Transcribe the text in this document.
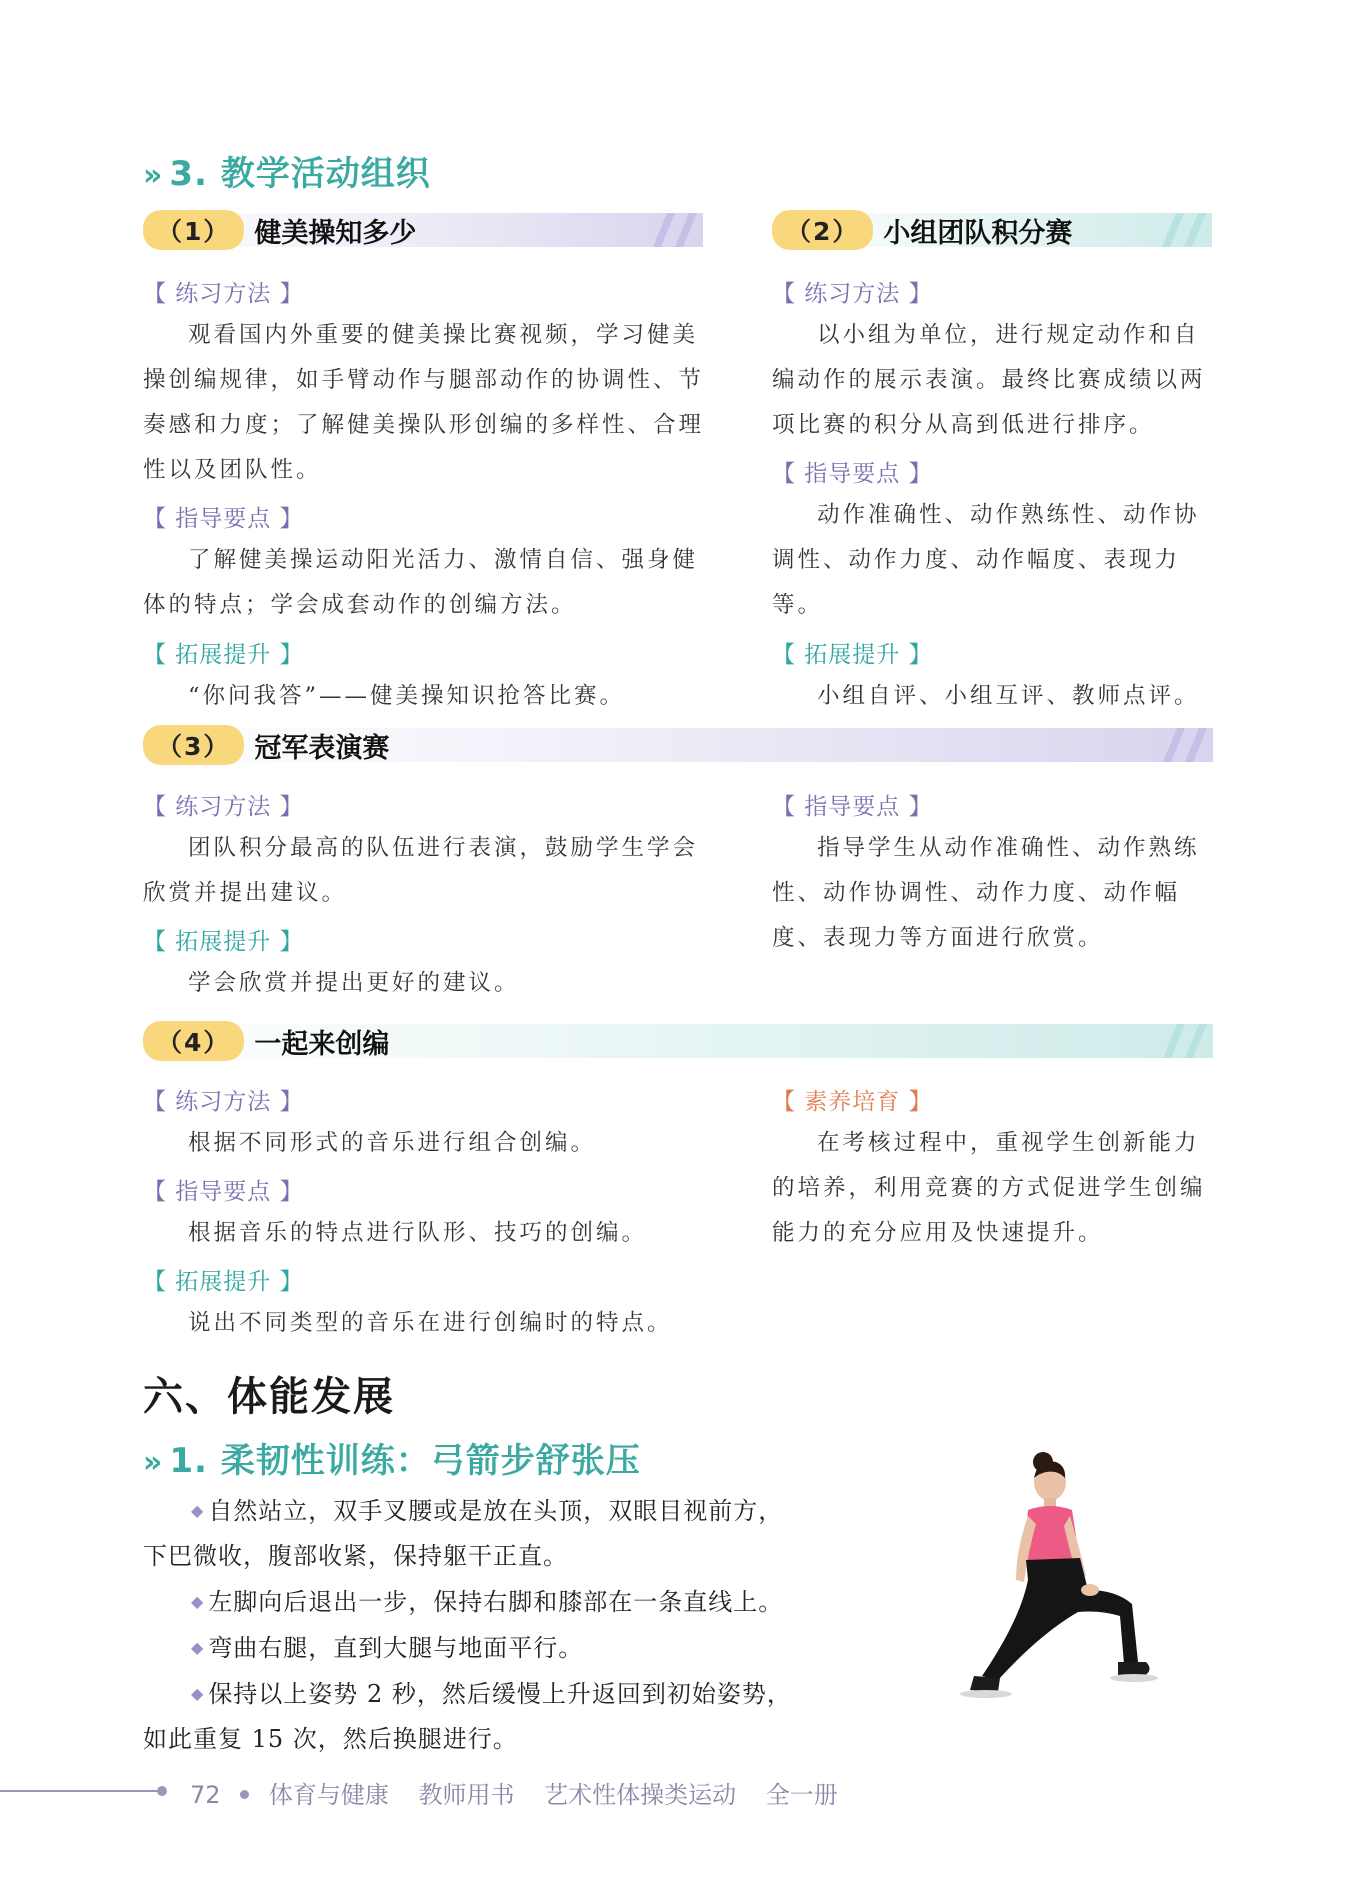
» 3. 教学活动组织
（1） 健美操知多少
【 练习方法 】

观看国内外重要的健美操比赛视频，学习健美操创编规律，如手臂动作与腿部动作的协调性、节奏感和力度；了解健美操队形创编的多样性、合理性以及团队性。

【 指导要点 】

了解健美操运动阳光活力、激情自信、强身健体的特点；学会成套动作的创编方法。

【 拓展提升 】

“你问我答”——健美操知识抢答比赛。

（2） 小组团队积分赛
【 练习方法 】

以小组为单位，进行规定动作和自编动作的展示表演。最终比赛成绩以两项比赛的积分从高到低进行排序。

【 指导要点 】

动作准确性、动作熟练性、动作协调性、动作力度、动作幅度、表现力等。

【 拓展提升 】

小组自评、小组互评、教师点评。

（3） 冠军表演赛
【 练习方法 】

团队积分最高的队伍进行表演，鼓励学生学会欣赏并提出建议。

【 拓展提升 】

学会欣赏并提出更好的建议。

【 指导要点 】

指导学生从动作准确性、动作熟练性、动作协调性、动作力度、动作幅度、表现力等方面进行欣赏。

（4） 一起来创编
【 练习方法 】

根据不同形式的音乐进行组合创编。

【 指导要点 】

根据音乐的特点进行队形、技巧的创编。

【 拓展提升 】

说出不同类型的音乐在进行创编时的特点。

【 素养培育 】

在考核过程中，重视学生创新能力的培养，利用竞赛的方式促进学生创编能力的充分应用及快速提升。

六、体能发展
» 1. 柔韧性训练：弓箭步舒张压
◆ 自然站立，双手叉腰或是放在头顶，双眼目视前方，
下巴微收，腹部收紧，保持躯干正直。
◆ 左脚向后退出一步，保持右脚和膝部在一条直线上。
◆ 弯曲右腿，直到大腿与地面平行。
◆ 保持以上姿势 2 秒，然后缓慢上升返回到初始姿势，
如此重复 15 次，然后换腿进行。
72 体育与健康 教师用书 艺术性体操类运动 全一册
